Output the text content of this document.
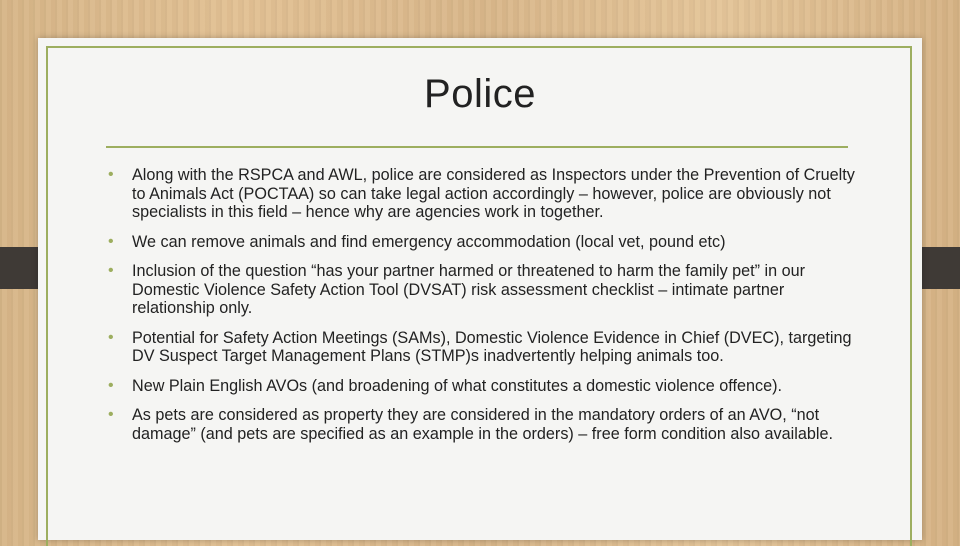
Police
• Along with the RSPCA and AWL, police are considered as Inspectors under the Prevention of Cruelty to Animals Act (POCTAA) so can take legal action accordingly – however, police are obviously not specialists in this field – hence why are agencies work in together.
• We can remove animals and find emergency accommodation (local vet, pound etc)
• Inclusion of the question “has your partner harmed or threatened to harm the family pet” in our Domestic Violence Safety Action Tool (DVSAT) risk assessment checklist – intimate partner relationship only.
• Potential for Safety Action Meetings (SAMs), Domestic Violence Evidence in Chief (DVEC), targeting DV Suspect Target Management Plans (STMP)s inadvertently helping animals too.
• New Plain English AVOs (and broadening of what constitutes a domestic violence offence).
• As pets are considered as property they are considered in the mandatory orders of an AVO, “not damage” (and pets are specified as an example in the orders) – free form condition also available.
